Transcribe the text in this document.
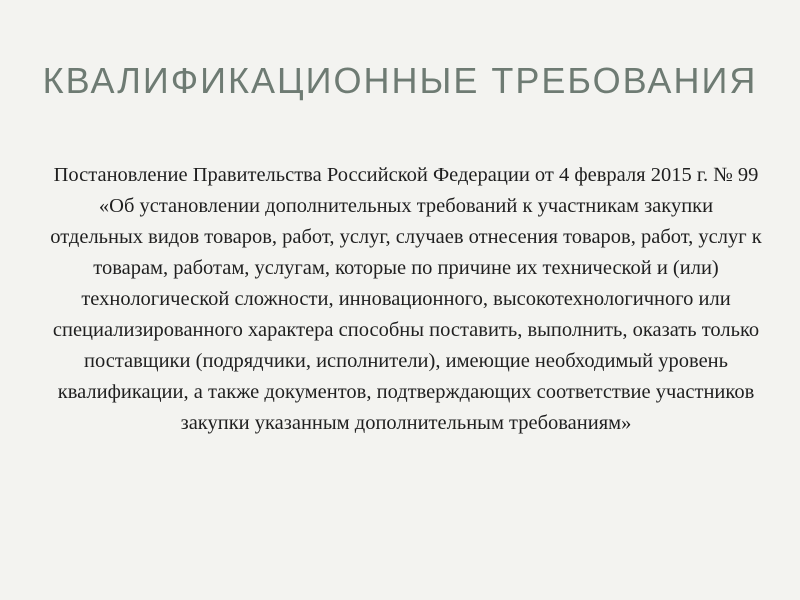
КВАЛИФИКАЦИОННЫЕ ТРЕБОВАНИЯ
Постановление Правительства Российской Федерации от 4 февраля 2015 г. № 99 «Об установлении дополнительных требований к участникам закупки отдельных видов товаров, работ, услуг, случаев отнесения товаров, работ, услуг к товарам, работам, услугам, которые по причине их технической и (или) технологической сложности, инновационного, высокотехнологичного или специализированного характера способны поставить, выполнить, оказать только поставщики (подрядчики, исполнители), имеющие необходимый уровень квалификации, а также документов, подтверждающих соответствие участников закупки указанным дополнительным требованиям»
